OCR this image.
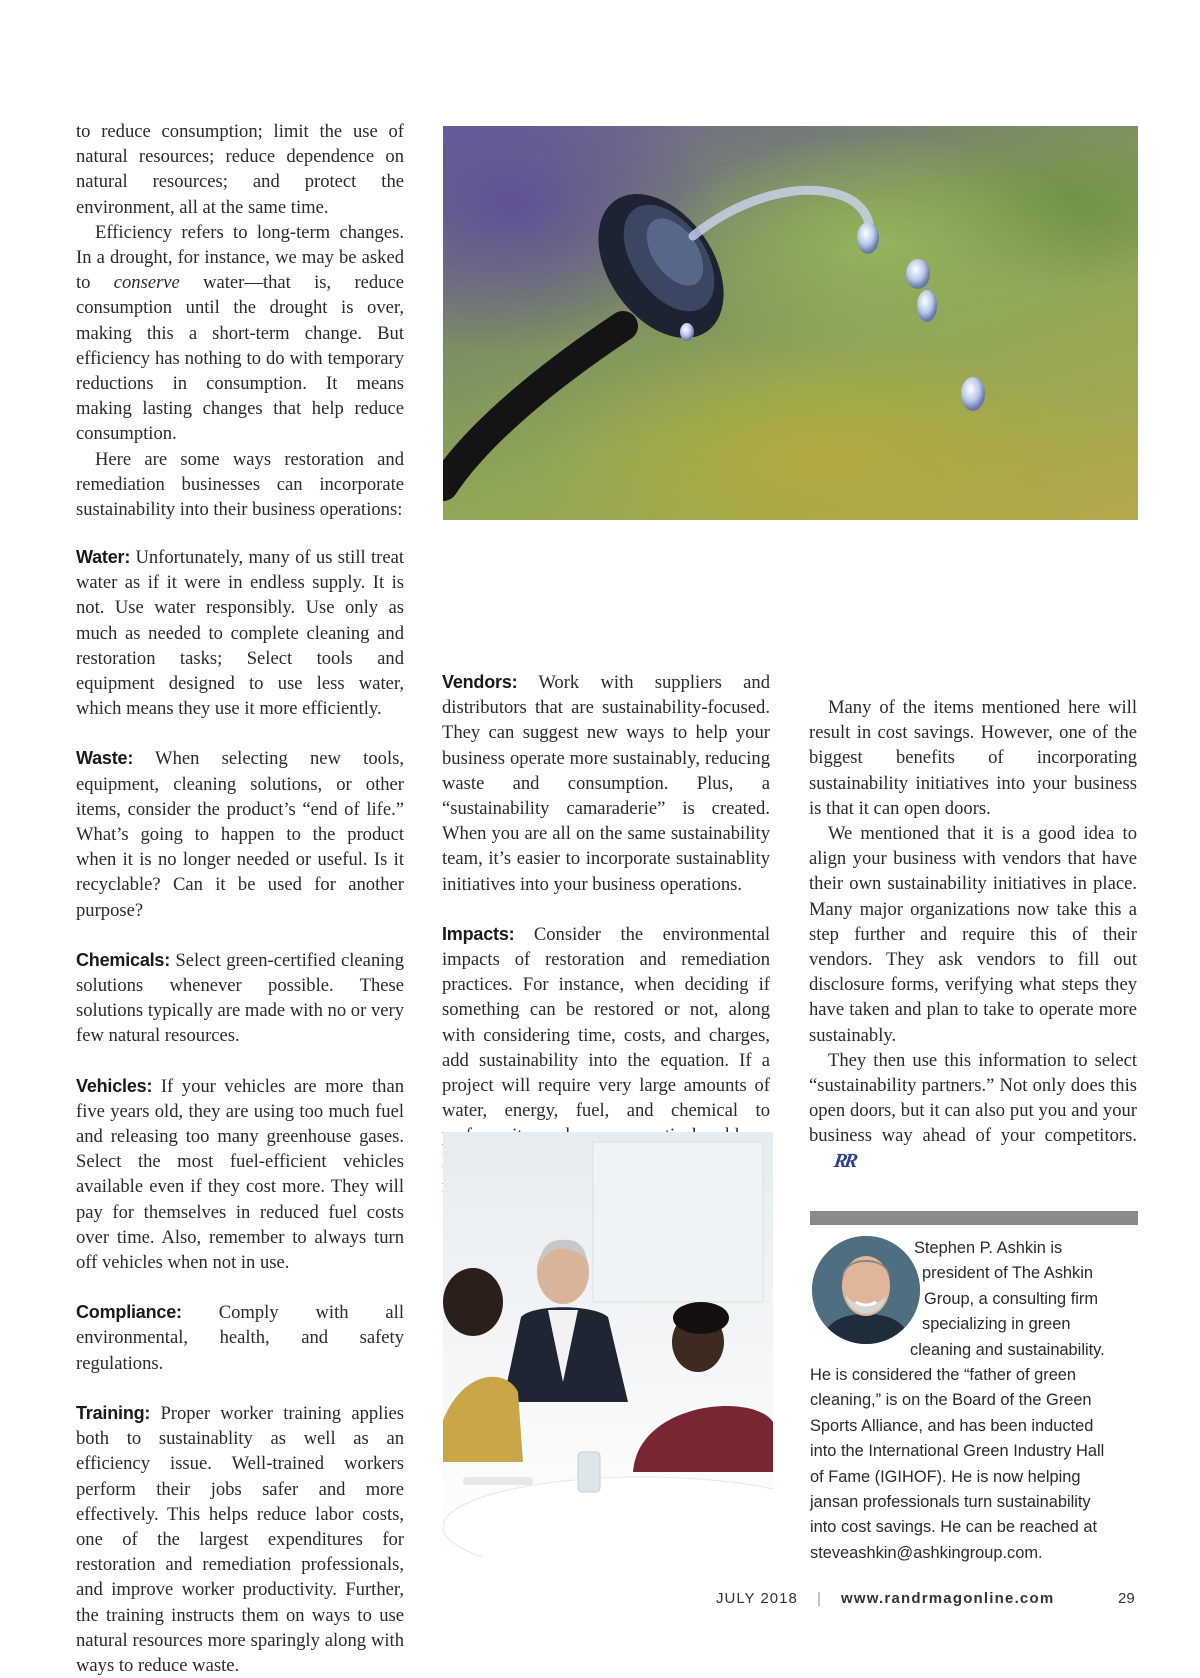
to reduce consumption; limit the use of natural resources; reduce dependence on natural resources; and protect the environment, all at the same time.

Efficiency refers to long-term changes. In a drought, for instance, we may be asked to conserve water—that is, reduce consumption until the drought is over, making this a short-term change. But efficiency has nothing to do with temporary reductions in consumption. It means making lasting changes that help reduce consumption.

Here are some ways restoration and remediation businesses can incorporate sustainability into their business operations:

Water: Unfortunately, many of us still treat water as if it were in endless supply. It is not. Use water responsibly. Use only as much as needed to complete cleaning and restoration tasks; Select tools and equipment designed to use less water, which means they use it more efficiently.

Waste: When selecting new tools, equipment, cleaning solutions, or other items, consider the product’s “end of life.” What’s going to happen to the product when it is no longer needed or useful. Is it recyclable? Can it be used for another purpose?

Chemicals: Select green-certified cleaning solutions whenever possible. These solutions typically are made with no or very few natural resources.

Vehicles: If your vehicles are more than five years old, they are using too much fuel and releasing too many greenhouse gases. Select the most fuel-efficient vehicles available even if they cost more. They will pay for themselves in reduced fuel costs over time. Also, remember to always turn off vehicles when not in use.

Compliance: Comply with all environmental, health, and safety regulations.

Training: Proper worker training applies both to sustainablity as well as an efficiency issue. Well-trained workers perform their jobs safer and more effectively. This helps reduce labor costs, one of the largest expenditures for restoration and remediation professionals, and improve worker productivity. Further, the training instructs them on ways to use natural resources more sparingly along with ways to reduce waste.

Vendors: Work with suppliers and distributors that are sustainability-focused. They can suggest new ways to help your business operate more sustainably, reducing waste and consumption. Plus, a “sustainability camaraderie” is created. When you are all on the same sustainability team, it’s easier to incorporate sustainablity initiatives into your business operations.

Impacts: Consider the environmental impacts of restoration and remediation practices. For instance, when deciding if something can be restored or not, along with considering time, costs, and charges, add sustainability into the equation. If a project will require very large amounts of water, energy, fuel, and chemical to

Many of the items mentioned here will result in cost savings. However, one of the biggest benefits of incorporating sustainability initiatives into your business is that it can open doors.

We mentioned that it is a good idea to align your business with vendors that have their own sustainability initiatives in place. Many major organizations now take this a step further and require this of their vendors. They ask vendors to fill out disclosure forms, verifying what steps they have taken and plan to take to operate more sustainably.

They then use this information to select “sustainability partners.” Not only does this open doors, but it can also put you and your business way ahead of your competitors.RR

Stephen P. Ashkin is
president of The Ashkin
Group, a consulting firm
specializing in green
cleaning and sustainability.
He is considered the “father of green
cleaning,” is on the Board of the Green
Sports Alliance, and has been inducted
into the International Green Industry Hall
of Fame (IGIHOF). He is now helping
jansan professionals turn sustainability
into cost savings. He can be reached at
steveashkin@ashkingroup.com.
JULY 2018 | www.randrmagonline.com	29
